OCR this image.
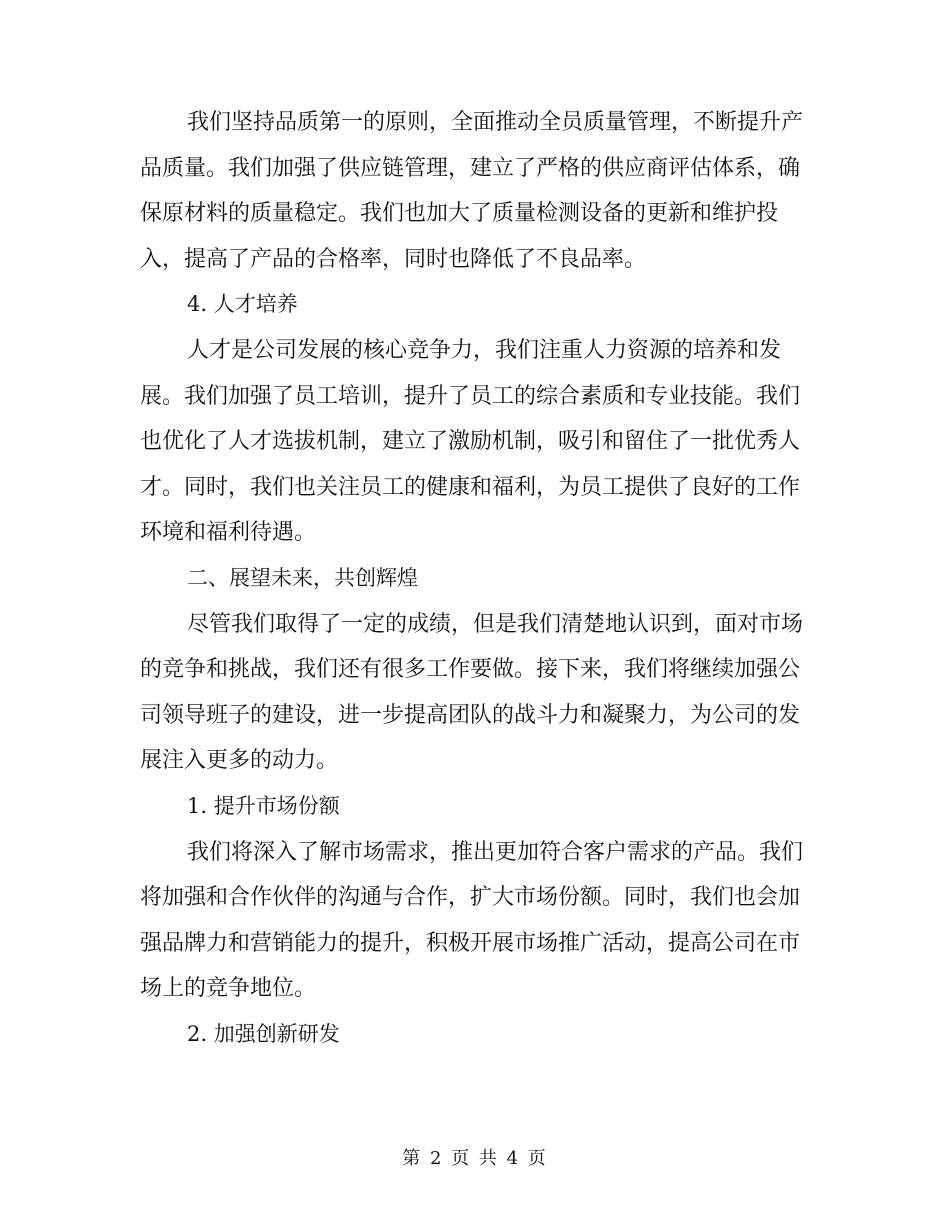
我们坚持品质第一的原则，全面推动全员质量管理，不断提升产品质量。我们加强了供应链管理，建立了严格的供应商评估体系，确保原材料的质量稳定。我们也加大了质量检测设备的更新和维护投入，提高了产品的合格率，同时也降低了不良品率。

4. 人才培养

人才是公司发展的核心竞争力，我们注重人力资源的培养和发展。我们加强了员工培训，提升了员工的综合素质和专业技能。我们也优化了人才选拔机制，建立了激励机制，吸引和留住了一批优秀人才。同时，我们也关注员工的健康和福利，为员工提供了良好的工作环境和福利待遇。

二、展望未来，共创辉煌

尽管我们取得了一定的成绩，但是我们清楚地认识到，面对市场的竞争和挑战，我们还有很多工作要做。接下来，我们将继续加强公司领导班子的建设，进一步提高团队的战斗力和凝聚力，为公司的发展注入更多的动力。

1. 提升市场份额

我们将深入了解市场需求，推出更加符合客户需求的产品。我们将加强和合作伙伴的沟通与合作，扩大市场份额。同时，我们也会加强品牌力和营销能力的提升，积极开展市场推广活动，提高公司在市场上的竞争地位。

2. 加强创新研发

第 2 页 共 4 页
